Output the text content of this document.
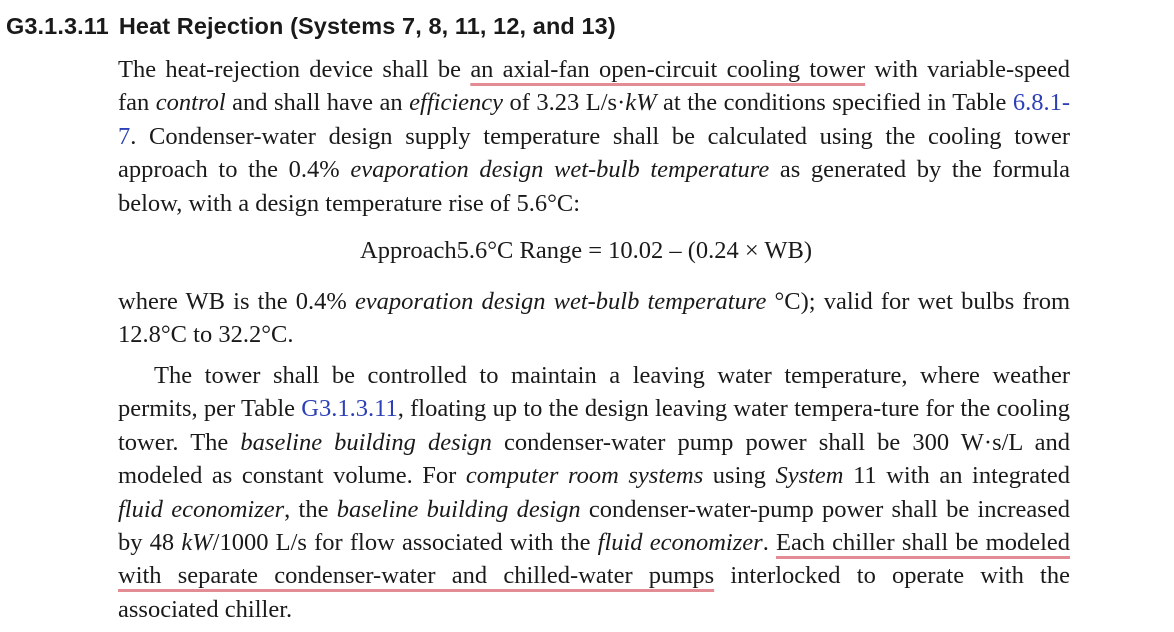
G3.1.3.11 Heat Rejection (Systems 7, 8, 11, 12, and 13)
The heat-rejection device shall be an axial-fan open-circuit cooling tower with variable-speed fan control and shall have an efficiency of 3.23 L/s·kW at the conditions specified in Table 6.8.1-7. Condenser-water design supply temperature shall be calculated using the cooling tower approach to the 0.4% evaporation design wet-bulb temperature as generated by the formula below, with a design temperature rise of 5.6°C:
Approach5.6°C Range = 10.02 – (0.24 × WB)
where WB is the 0.4% evaporation design wet-bulb temperature °C); valid for wet bulbs from 12.8°C to 32.2°C.
The tower shall be controlled to maintain a leaving water temperature, where weather permits, per Table G3.1.3.11, floating up to the design leaving water tempera-ture for the cooling tower. The baseline building design condenser-water pump power shall be 300 W·s/L and modeled as constant volume. For computer room systems using System 11 with an integrated fluid economizer, the baseline building design condenser-water-pump power shall be increased by 48 kW/1000 L/s for flow associated with the fluid economizer. Each chiller shall be modeled with separate condenser-water and chilled-water pumps interlocked to operate with the associated chiller.
